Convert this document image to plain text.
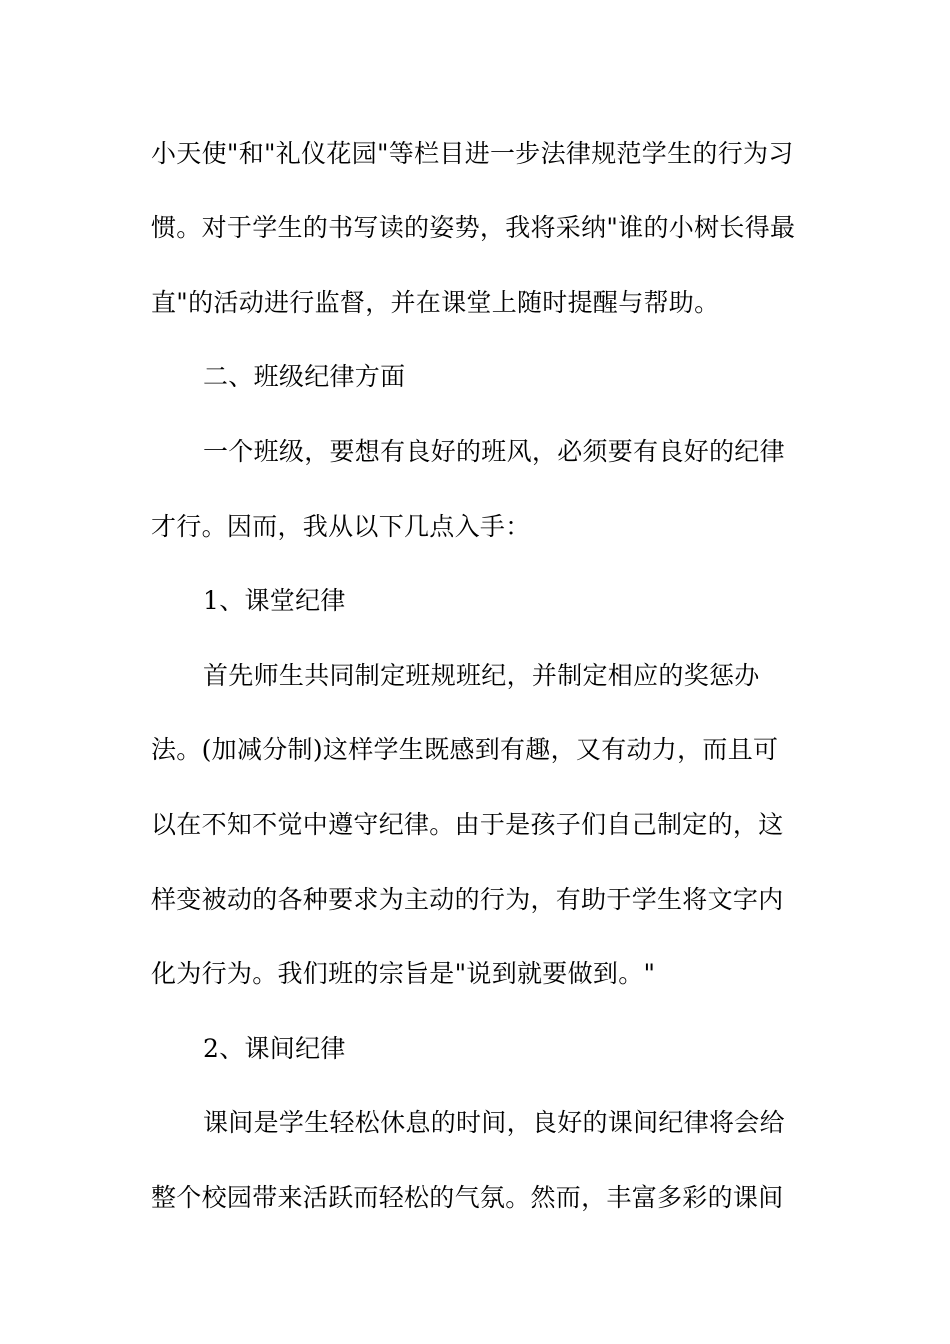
小天使"和"礼仪花园"等栏目进一步法律规范学生的行为习
惯。对于学生的书写读的姿势，我将采纳"谁的小树长得最
直"的活动进行监督，并在课堂上随时提醒与帮助。
二、班级纪律方面
一个班级，要想有良好的班风，必须要有良好的纪律
才行。因而，我从以下几点入手：
1、课堂纪律
首先师生共同制定班规班纪，并制定相应的奖惩办
法。(加减分制)这样学生既感到有趣，又有动力，而且可
以在不知不觉中遵守纪律。由于是孩子们自己制定的，这
样变被动的各种要求为主动的行为，有助于学生将文字内
化为行为。我们班的宗旨是"说到就要做到。"
2、课间纪律
课间是学生轻松休息的时间，良好的课间纪律将会给
整个校园带来活跃而轻松的气氛。然而，丰富多彩的课间
